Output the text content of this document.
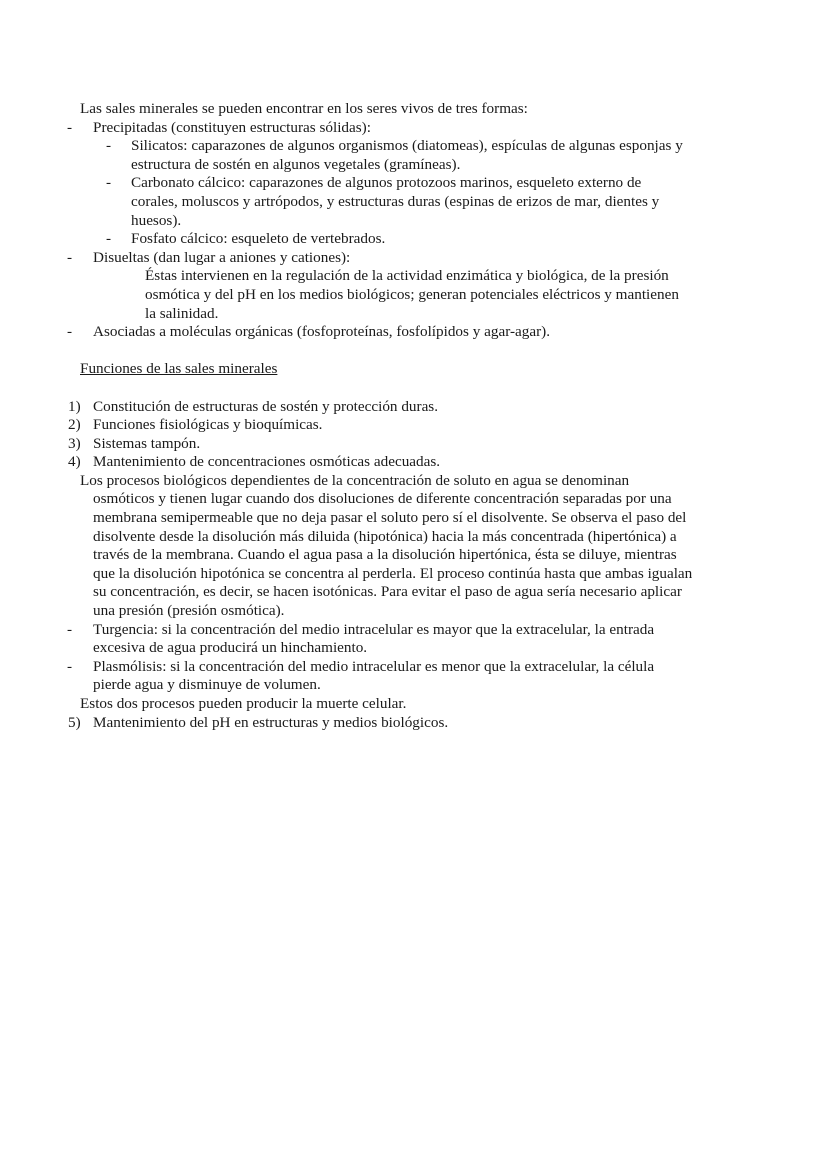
Las sales minerales se pueden encontrar en los seres vivos de tres formas:
- Precipitadas (constituyen estructuras sólidas):
- Silicatos: caparazones de algunos organismos (diatomeas), espículas de algunas esponjas y
estructura de sostén en algunos vegetales (gramíneas).
- Carbonato cálcico: caparazones de algunos protozoos marinos, esqueleto externo de
corales, moluscos y artrópodos, y estructuras duras (espinas de erizos de mar, dientes y
huesos).
- Fosfato cálcico: esqueleto de vertebrados.
- Disueltas (dan lugar a aniones y cationes):
Éstas intervienen en la regulación de la actividad enzimática y biológica, de la presión
osmótica y del pH en los medios biológicos; generan potenciales eléctricos y mantienen
la salinidad.
- Asociadas a moléculas orgánicas (fosfoproteínas, fosfolípidos y agar-agar).
Funciones de las sales minerales
1) Constitución de estructuras de sostén y protección duras.
2) Funciones fisiológicas y bioquímicas.
3) Sistemas tampón.
4) Mantenimiento de concentraciones osmóticas adecuadas.
Los procesos biológicos dependientes de la concentración de soluto en agua se denominan
osmóticos y tienen lugar cuando dos disoluciones de diferente concentración separadas por una
membrana semipermeable que no deja pasar el soluto pero sí el disolvente. Se observa el paso del
disolvente desde la disolución más diluida (hipotónica) hacia la más concentrada (hipertónica) a
través de la membrana. Cuando el agua pasa a la disolución hipertónica, ésta se diluye, mientras
que la disolución hipotónica se concentra al perderla. El proceso continúa hasta que ambas igualan
su concentración, es decir, se hacen isotónicas. Para evitar el paso de agua sería necesario aplicar
una presión (presión osmótica).
- Turgencia: si la concentración del medio intracelular es mayor que la extracelular, la entrada
excesiva de agua producirá un hinchamiento.
- Plasmólisis: si la concentración del medio intracelular es menor que la extracelular, la célula
pierde agua y disminuye de volumen.
Estos dos procesos pueden producir la muerte celular.
5) Mantenimiento del pH en estructuras y medios biológicos.
